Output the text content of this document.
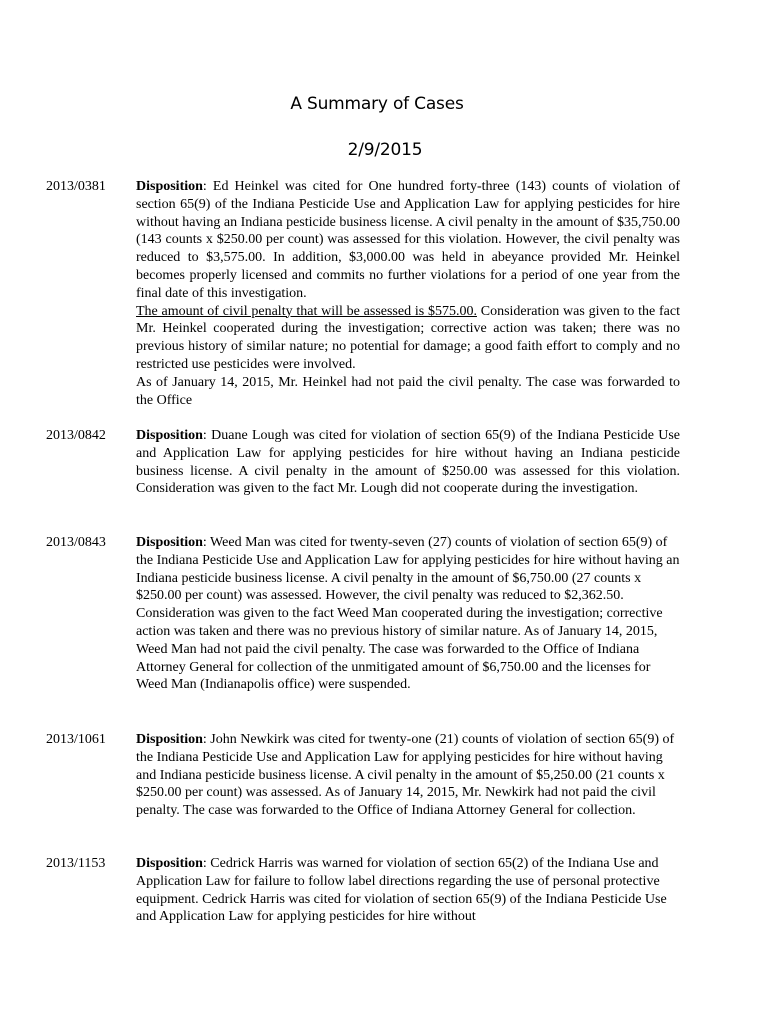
A Summary of Cases
2/9/2015
2013/0381 Disposition: Ed Heinkel was cited for One hundred forty-three (143) counts of violation of section 65(9) of the Indiana Pesticide Use and Application Law for applying pesticides for hire without having an Indiana pesticide business license. A civil penalty in the amount of $35,750.00 (143 counts x $250.00 per count) was assessed for this violation. However, the civil penalty was reduced to $3,575.00. In addition, $3,000.00 was held in abeyance provided Mr. Heinkel becomes properly licensed and commits no further violations for a period of one year from the final date of this investigation.
The amount of civil penalty that will be assessed is $575.00. Consideration was given to the fact Mr. Heinkel cooperated during the investigation; corrective action was taken; there was no previous history of similar nature; no potential for damage; a good faith effort to comply and no restricted use pesticides were involved.
As of January 14, 2015, Mr. Heinkel had not paid the civil penalty. The case was forwarded to the Office
2013/0842 Disposition: Duane Lough was cited for violation of section 65(9) of the Indiana Pesticide Use and Application Law for applying pesticides for hire without having an Indiana pesticide business license. A civil penalty in the amount of $250.00 was assessed for this violation. Consideration was given to the fact Mr. Lough did not cooperate during the investigation.
2013/0843 Disposition: Weed Man was cited for twenty-seven (27) counts of violation of section 65(9) of the Indiana Pesticide Use and Application Law for applying pesticides for hire without having an Indiana pesticide business license. A civil penalty in the amount of $6,750.00 (27 counts x $250.00 per count) was assessed. However, the civil penalty was reduced to $2,362.50. Consideration was given to the fact Weed Man cooperated during the investigation; corrective action was taken and there was no previous history of similar nature. As of January 14, 2015, Weed Man had not paid the civil penalty. The case was forwarded to the Office of Indiana Attorney General for collection of the unmitigated amount of $6,750.00 and the licenses for Weed Man (Indianapolis office) were suspended.
2013/1061 Disposition: John Newkirk was cited for twenty-one (21) counts of violation of section 65(9) of the Indiana Pesticide Use and Application Law for applying pesticides for hire without having and Indiana pesticide business license. A civil penalty in the amount of $5,250.00 (21 counts x $250.00 per count) was assessed. As of January 14, 2015, Mr. Newkirk had not paid the civil penalty. The case was forwarded to the Office of Indiana Attorney General for collection.
2013/1153 Disposition: Cedrick Harris was warned for violation of section 65(2) of the Indiana Use and Application Law for failure to follow label directions regarding the use of personal protective equipment. Cedrick Harris was cited for violation of section 65(9) of the Indiana Pesticide Use and Application Law for applying pesticides for hire without
